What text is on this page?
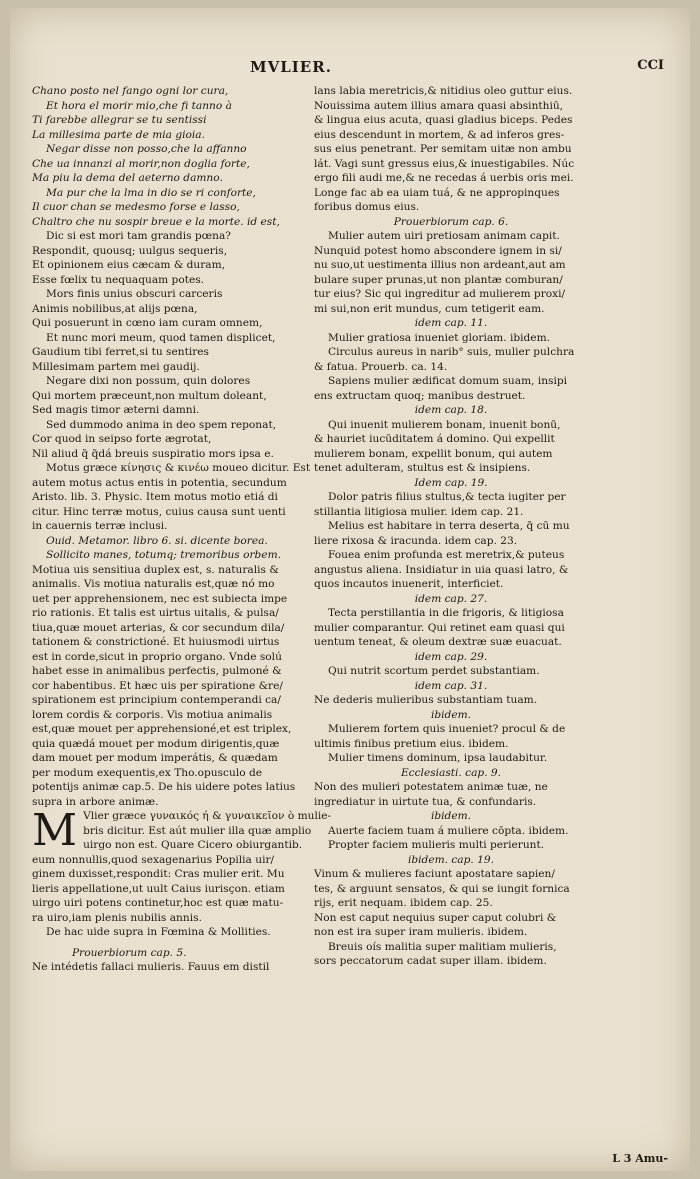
MVLIER.	CCI
Chano posto nel fango ogni lor cura,
Et hora el morir mio,che fi tanno à
Ti farebbe allegrar se tu sentissi
La millesima parte de mia gioia.
Negar disse non posso,che la affanno
Che ua innanzi al morir,non doglia forte,
Ma piu la dema del aeterno damno.
Ma pur che la lma in dio se ri conforte,
Il cuor chan se medesmo forse e lasso,
Chaltro che nu sospir breue e la morte. id est,
Dic si est mori tam grandis pœna?
Respondit, quousq; uulgus sequeris,
Et opinionem eius cæcam & duram,
Esse fœlix tu nequaquam potes.
Mors finis unius obscuri carceris
Animis nobilibus,at alijs pœna,
Qui posuerunt in cœno iam curam omnem,
Et nunc mori meum, quod tamen displicet,
Gaudium tibi ferret,si tu sentires
Millesimam partem mei gaudij.
Negare dixi non possum, quin dolores
Qui mortem præceunt,non multum doleant,
Sed magis timor æterni damni.
Sed dummodo anima in deo spem reponat,
Cor quod in seipso forte ægrotat,
Nil aliud q̃ q̃dá breuis suspiratio mors ipsa e.
Motus græce κίνησις & κινέω moueo dicitur. Est
autem motus actus entis in potentia, secundum
Aristo. lib. 3. Physic. Item motus motio etiá di
citur. Hinc terræ motus, cuius causa sunt uenti
in cauernis terræ inclusi.
Ouid. Metamor. libro 6. si. dicente borea.
Sollicito manes, totumq; tremoribus orbem.
Motiua uis sensitiua duplex est, s. naturalis &
animalis. Vis motiua naturalis est,quæ nó mo
uet per apprehensionem, nec est subiecta impe
rio rationis. Et talis est uirtus uitalis, & pulsa/
tiua,quæ mouet arterias, & cor secundum dila/
tationem & constrictioné. Et huiusmodi uirtus
est in corde,sicut in proprio organo. Vnde solú
habet esse in animalibus perfectis, pulmoné &
cor habentibus. Et hæc uis per spiratione &re/
spirationem est principium contemperandi ca/
lorem cordis & corporis. Vis motiua animalis
est,quæ mouet per apprehensioné,et est triplex,
quia quædá mouet per modum dirigentis,quæ
dam mouet per modum imperátis, & quædam
per modum exequentis,ex Tho.opusculo de
potentijs animæ cap.5. De his uidere potes latius
supra in arbore animæ.
M Vlier græce γυναικός ή & γυναικεῖον ò mulie-
bris dicitur. Est aút mulier illa quæ amplio
uirgo non est. Quare Cicero obiurgantib.
eum nonnullis,quod sexagenarius Popilia uir/
ginem duxisset,respondit: Cras mulier erit. Mu
lieris appellatione,ut uult Caius iurisçon. etiam
uirgo uiri potens continetur,hoc est quæ matu-
ra uiro,iam plenis nubilis annis.
De hac uide supra in Fœmina & Mollities.
Prouerbiorum cap. 5.
Ne intédetis fallaci mulieris. Fauus em distil
lans labia meretricis,& nitidius oleo guttur eius.
Nouissima autem illius amara quasi absinthiū,
& lingua eius acuta, quasi gladius biceps. Pedes
eius descendunt in mortem, & ad inferos gres-
sus eius penetrant. Per semitam uitæ non ambu
lát. Vagi sunt gressus eius,& inuestigabiles. Núc
ergo fili audi me,& ne recedas á uerbis oris mei.
Longe fac ab ea uiam tuá, & ne appropinques
foribus domus eius.
Prouerbiorum cap. 6.
Mulier autem uiri pretiosam animam capit.
Nunquid potest homo abscondere ignem in si/
nu suo,ut uestimenta illius non ardeant,aut am
bulare super prunas,ut non plantæ comburan/
tur eius? Sic qui ingreditur ad mulierem proxi/
mi sui,non erit mundus, cum tetigerit eam.
idem cap. 11.
Mulier gratiosa inueniet gloriam. ibidem.
Circulus aureus in narib° suis, mulier pulchra
& fatua. Prouerb. ca. 14.
Sapiens mulier ædificat domum suam, insipi
ens extructam quoq; manibus destruet.
idem cap. 18.
Qui inuenit mulierem bonam, inuenit bonū,
& hauriet iucūditatem á domino. Qui expellit
mulierem bonam, expellit bonum, qui autem
tenet adulteram, stultus est & insipiens.
Idem cap. 19.
Dolor patris filius stultus,& tecta iugiter per
stillantia litigiosa mulier. idem cap. 21.
Melius est habitare in terra deserta, q̃ cū mu
liere rixosa & iracunda. idem cap. 23.
Fouea enim profunda est meretrix,& puteus
angustus aliena. Insidiatur in uia quasi latro, &
quos incautos inuenerit, interficiet.
idem cap. 27.
Tecta perstillantia in die frigoris, & litigiosa
mulier comparantur. Qui retinet eam quasi qui
uentum teneat, & oleum dextræ suæ euacuat.
idem cap. 29.
Qui nutrit scortum perdet substantiam.
idem cap. 31.
Ne dederis mulieribus substantiam tuam.
ibidem.
Mulierem fortem quis inueniet? procul & de
ultimis finibus pretium eius. ibidem.
Mulier timens dominum, ipsa laudabitur.
Ecclesiasti. cap. 9.
Non des mulieri potestatem animæ tuæ, ne
ingrediatur in uirtute tua, & confundaris.
ibidem.
Auerte faciem tuam á muliere cōpta. ibidem.
Propter faciem mulieris multi perierunt.
ibidem. cap. 19.
Vinum & mulieres faciunt apostatare sapien/
tes, & arguunt sensatos, & qui se iungit fornica
rijs, erit nequam. ibidem cap. 25.
Non est caput nequius super caput colubri &
non est ira super iram mulieris. ibidem.
Breuis oís malitia super malitiam mulieris,
sors peccatorum cadat super illam. ibidem.
L 3 Amu-
